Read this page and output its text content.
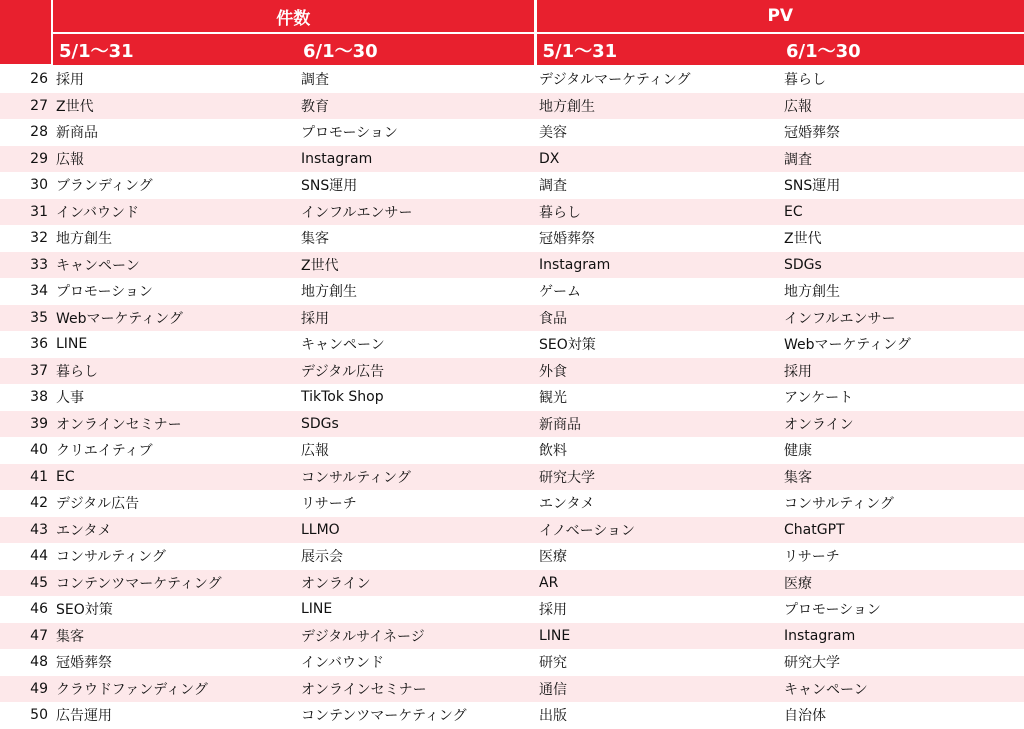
	件数		PV	
	5/1～31	6/1～30	5/1～31	6/1～30
26	採用	調査	デジタルマーケティング	暮らし
27	Z世代	教育	地方創生	広報
28	新商品	プロモーション	美容	冠婚葬祭
29	広報	Instagram	DX	調査
30	ブランディング	SNS運用	調査	SNS運用
31	インバウンド	インフルエンサー	暮らし	EC
32	地方創生	集客	冠婚葬祭	Z世代
33	キャンペーン	Z世代	Instagram	SDGs
34	プロモーション	地方創生	ゲーム	地方創生
35	Webマーケティング	採用	食品	インフルエンサー
36	LINE	キャンペーン	SEO対策	Webマーケティング
37	暮らし	デジタル広告	外食	採用
38	人事	TikTok Shop	観光	アンケート
39	オンラインセミナー	SDGs	新商品	オンライン
40	クリエイティブ	広報	飲料	健康
41	EC	コンサルティング	研究大学	集客
42	デジタル広告	リサーチ	エンタメ	コンサルティング
43	エンタメ	LLMO	イノベーション	ChatGPT
44	コンサルティング	展示会	医療	リサーチ
45	コンテンツマーケティング	オンライン	AR	医療
46	SEO対策	LINE	採用	プロモーション
47	集客	デジタルサイネージ	LINE	Instagram
48	冠婚葬祭	インバウンド	研究	研究大学
49	クラウドファンディング	オンラインセミナー	通信	キャンペーン
50	広告運用	コンテンツマーケティング	出版	自治体
